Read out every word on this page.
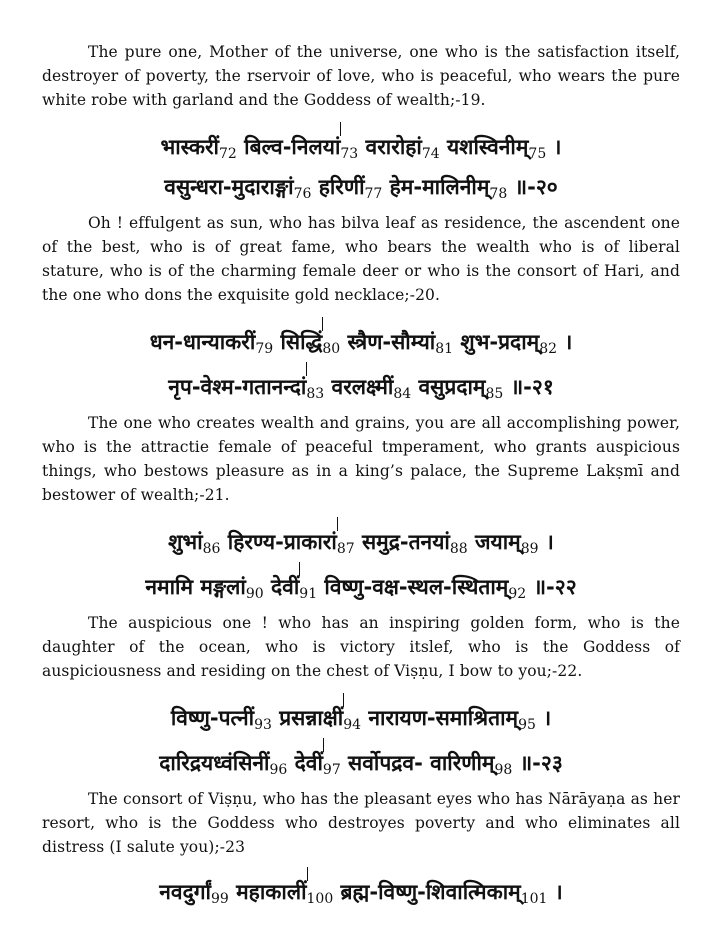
The pure one, Mother of the universe, one who is the satisfaction itself, destroyer of poverty, the rservoir of love, who is peaceful, who wears the pure white robe with garland and the Goddess of wealth;-19.

$भास्करीं_{72}$ $बिल्व-निलयां_{73}$ $वरारोहां_{74}$ $यशस्विनीम्_{75}$ ।

$वसुन्धरा-मुदाराङ्गां_{76}$ $हरिणीं_{77}$ $हेम-मालिनीम्_{78}$ ॥-२०

Oh ! effulgent as sun, who has bilva leaf as residence, the ascendent one of the best, who is of great fame, who bears the wealth who is of liberal stature, who is of the charming female deer or who is the consort of Hari, and the one who dons the exquisite gold necklace;-20.

$धन-धान्याकरीं_{79}$ $सिद्धिं_{80}$ $स्त्रैण-सौम्यां_{81}$ $शुभ-प्रदाम्_{82}$ ।

$नृप-वेश्म-गतानन्दां_{83}$ $वरलक्ष्मीं_{84}$ $वसुप्रदाम्_{85}$ ॥-२१

The one who creates wealth and grains, you are all accomplishing power, who is the attractie female of peaceful tmperament, who grants auspicious things, who bestows pleasure as in a king’s palace, the Supreme Lakṣmī and bestower of wealth;-21.

$शुभां_{86}$ $हिरण्य-प्राकारां_{87}$ $समुद्र-तनयां_{88}$ $जयाम्_{89}$ ।

नमामि $मङ्गलां_{90}$ $देवीं_{91}$ $विष्णु-वक्ष-स्थल-स्थिताम्_{92}$ ॥-२२

The auspicious one ! who has an inspiring golden form, who is the daughter of the ocean, who is victory itslef, who is the Goddess of auspiciousness and residing on the chest of Viṣṇu, I bow to you;-22.

$विष्णु-पत्नीं_{93}$ $प्रसन्नाक्षीं_{94}$ $नारायण-समाश्रिताम्_{95}$ ।

$दारिद्रयध्वंसिनीं_{96}$ $देवीं_{97}$ सर्वोपद्रव- $वारिणीम्_{98}$ ॥-२३

The consort of Viṣṇu, who has the pleasant eyes who has Nārāyaṇa as her resort, who is the Goddess who destroyes poverty and who eliminates all distress (I salute you);-23

$नवदुर्गां_{99}$ $महाकालीं_{100}$ $ब्रह्म-विष्णु-शिवात्मिकाम्_{101}$ ।
